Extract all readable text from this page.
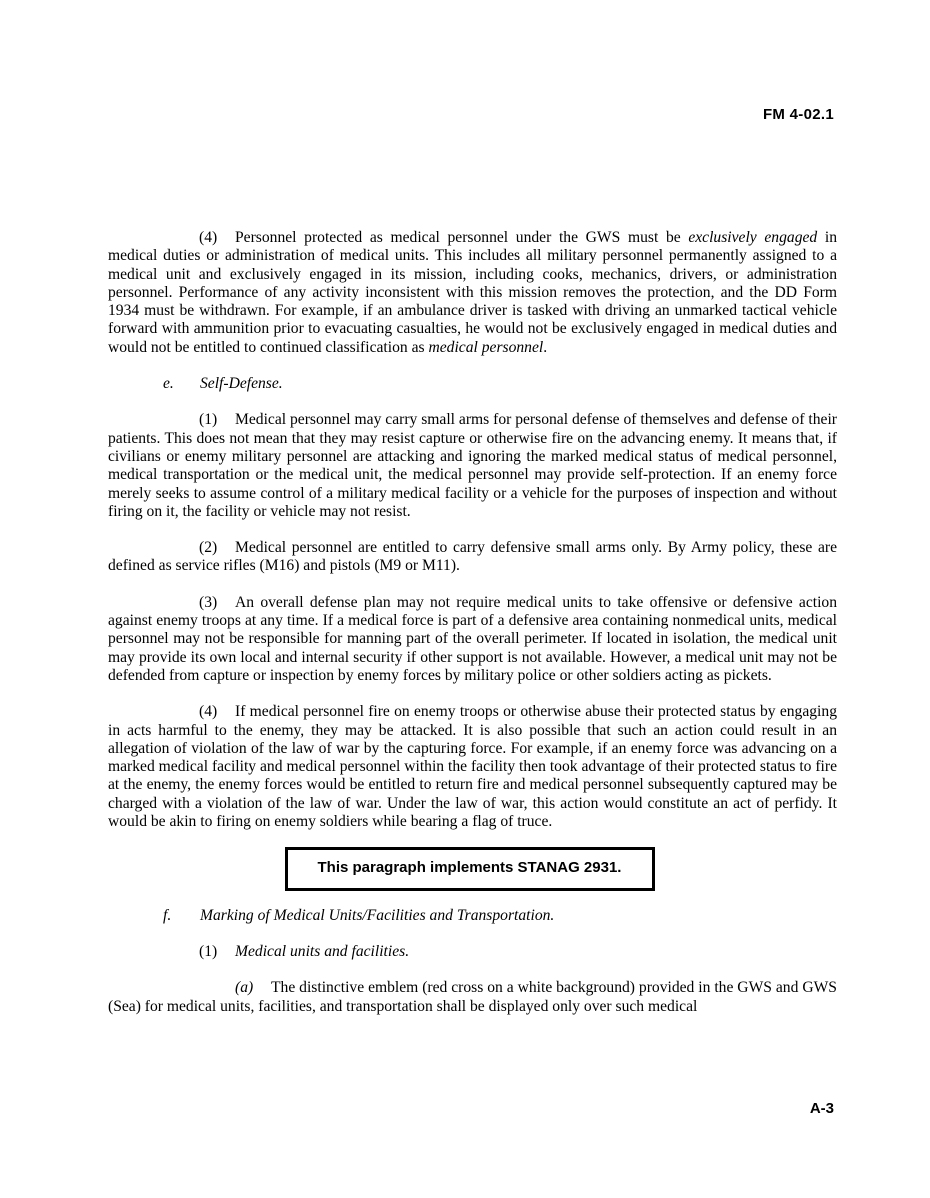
FM 4-02.1

(4) Personnel protected as medical personnel under the GWS must be exclusively engaged in medical duties or administration of medical units. This includes all military personnel permanently assigned to a medical unit and exclusively engaged in its mission, including cooks, mechanics, drivers, or administration personnel. Performance of any activity inconsistent with this mission removes the protection, and the DD Form 1934 must be withdrawn. For example, if an ambulance driver is tasked with driving an unmarked tactical vehicle forward with ammunition prior to evacuating casualties, he would not be exclusively engaged in medical duties and would not be entitled to continued classification as medical personnel.

e. Self-Defense.

(1) Medical personnel may carry small arms for personal defense of themselves and defense of their patients. This does not mean that they may resist capture or otherwise fire on the advancing enemy. It means that, if civilians or enemy military personnel are attacking and ignoring the marked medical status of medical personnel, medical transportation or the medical unit, the medical personnel may provide self-protection. If an enemy force merely seeks to assume control of a military medical facility or a vehicle for the purposes of inspection and without firing on it, the facility or vehicle may not resist.

(2) Medical personnel are entitled to carry defensive small arms only. By Army policy, these are defined as service rifles (M16) and pistols (M9 or M11).

(3) An overall defense plan may not require medical units to take offensive or defensive action against enemy troops at any time. If a medical force is part of a defensive area containing nonmedical units, medical personnel may not be responsible for manning part of the overall perimeter. If located in isolation, the medical unit may provide its own local and internal security if other support is not available. However, a medical unit may not be defended from capture or inspection by enemy forces by military police or other soldiers acting as pickets.

(4) If medical personnel fire on enemy troops or otherwise abuse their protected status by engaging in acts harmful to the enemy, they may be attacked. It is also possible that such an action could result in an allegation of violation of the law of war by the capturing force. For example, if an enemy force was advancing on a marked medical facility and medical personnel within the facility then took advantage of their protected status to fire at the enemy, the enemy forces would be entitled to return fire and medical personnel subsequently captured may be charged with a violation of the law of war. Under the law of war, this action would constitute an act of perfidy. It would be akin to firing on enemy soldiers while bearing a flag of truce.

This paragraph implements STANAG 2931.

f. Marking of Medical Units/Facilities and Transportation.

(1) Medical units and facilities.

(a) The distinctive emblem (red cross on a white background) provided in the GWS and GWS (Sea) for medical units, facilities, and transportation shall be displayed only over such medical

A-3
